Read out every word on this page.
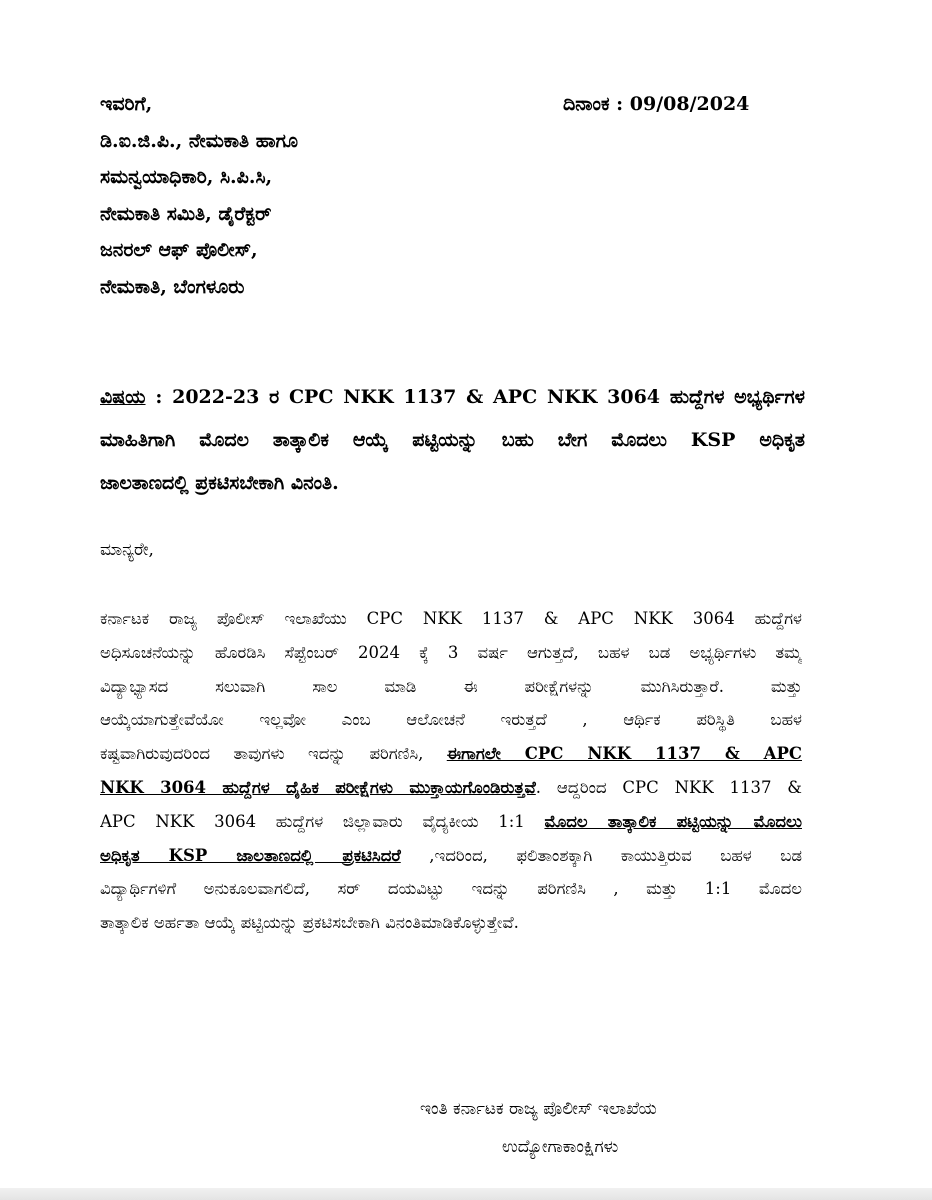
ಇವರಿಗೆ,
ಡಿ.ಐ.ಜಿ.ಪಿ., ನೇಮಕಾತಿ ಹಾಗೂ
ಸಮನ್ವಯಾಧಿಕಾರಿ, ಸಿ.ಪಿ.ಸಿ,
ನೇಮಕಾತಿ ಸಮಿತಿ, ಡೈರೆಕ್ಟರ್
ಜನರಲ್ ಆಫ್ ಪೊಲೀಸ್,
ನೇಮಕಾತಿ, ಬೆಂಗಳೂರು
ದಿನಾಂಕ : 09/08/2024
ವಿಷಯ : 2022-23 ರ CPC NKK 1137 & APC NKK 3064 ಹುದ್ದೆಗಳ ಅಭ್ಯರ್ಥಿಗಳ
ಮಾಹಿತಿಗಾಗಿ ಮೊದಲ ತಾತ್ಕಾಲಿಕ ಆಯ್ಕೆ ಪಟ್ಟಿಯನ್ನು ಬಹು ಬೇಗ ಮೊದಲು KSP ಅಧಿಕೃತ
ಜಾಲತಾಣದಲ್ಲಿ ಪ್ರಕಟಿಸಬೇಕಾಗಿ ವಿನಂತಿ.
ಮಾನ್ಯರೇ,
ಕರ್ನಾಟಕ ರಾಜ್ಯ ಪೊಲೀಸ್ ಇಲಾಖೆಯು CPC NKK 1137 & APC NKK 3064 ಹುದ್ದೆಗಳ
ಅಧಿಸೂಚನೆಯನ್ನು ಹೊರಡಿಸಿ ಸೆಪ್ಟೆಂಬರ್ 2024 ಕ್ಕೆ 3 ವರ್ಷ ಆಗುತ್ತದೆ, ಬಹಳ ಬಡ ಅಭ್ಯರ್ಥಿಗಳು ತಮ್ಮ
ವಿದ್ಯಾಭ್ಯಾಸದ ಸಲುವಾಗಿ ಸಾಲ ಮಾಡಿ ಈ ಪರೀಕ್ಷೆಗಳನ್ನು ಮುಗಿಸಿರುತ್ತಾರೆ. ಮತ್ತು
ಆಯ್ಕೆಯಾಗುತ್ತೇವೆಯೋ ಇಲ್ಲವೋ ಎಂಬ ಆಲೋಚನೆ ಇರುತ್ತದೆ , ಆರ್ಥಿಕ ಪರಿಸ್ಥಿತಿ ಬಹಳ
ಕಷ್ಟವಾಗಿರುವುದರಿಂದ ತಾವುಗಳು ಇದನ್ನು ಪರಿಗಣಿಸಿ, ಈಗಾಗಲೇ CPC NKK 1137 & APC
NKK 3064 ಹುದ್ದೆಗಳ ದೈಹಿಕ ಪರೀಕ್ಷೆಗಳು ಮುಕ್ತಾಯಗೊಂಡಿರುತ್ತವೆ. ಆದ್ದರಿಂದ CPC NKK 1137 &
APC NKK 3064 ಹುದ್ದೆಗಳ ಜಿಲ್ಲಾವಾರು ವೈದ್ಯಕೀಯ 1:1 ಮೊದಲ ತಾತ್ಕಾಲಿಕ ಪಟ್ಟಿಯನ್ನು ಮೊದಲು
ಅಧಿಕೃತ KSP ಜಾಲತಾಣದಲ್ಲಿ ಪ್ರಕಟಿಸಿದರೆ ,ಇದರಿಂದ, ಫಲಿತಾಂಶಕ್ಕಾಗಿ ಕಾಯುತ್ತಿರುವ ಬಹಳ ಬಡ
ವಿದ್ಯಾರ್ಥಿಗಳಿಗೆ ಅನುಕೂಲವಾಗಲಿದೆ, ಸರ್ ದಯವಿಟ್ಟು ಇದನ್ನು ಪರಿಗಣಿಸಿ , ಮತ್ತು 1:1 ಮೊದಲ
ತಾತ್ಕಾಲಿಕ ಅರ್ಹತಾ ಆಯ್ಕೆ ಪಟ್ಟಿಯನ್ನು ಪ್ರಕಟಿಸಬೇಕಾಗಿ ವಿನಂತಿಮಾಡಿಕೊಳ್ಳುತ್ತೇವೆ.
ಇಂತಿ ಕರ್ನಾಟಕ ರಾಜ್ಯ ಪೊಲೀಸ್ ಇಲಾಖೆಯ
ಉದ್ಯೋಗಾಕಾಂಕ್ಷಿಗಳು
